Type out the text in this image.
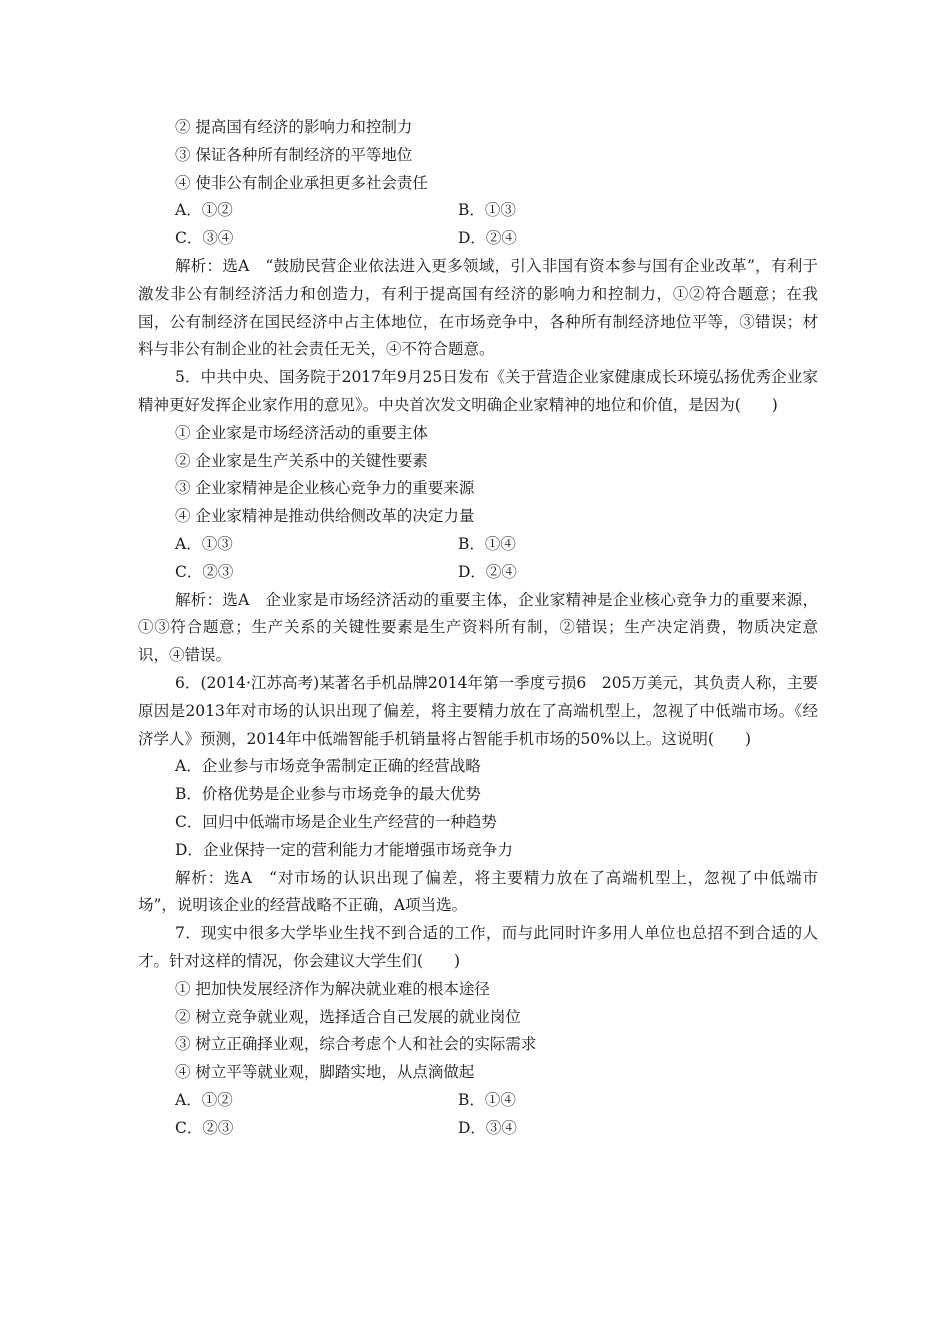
② 提高国有经济的影响力和控制力
③ 保证各种所有制经济的平等地位
④ 使非公有制企业承担更多社会责任
A．①②	B．①③
C．③④	D．②④
解析：选A　“鼓励民营企业依法进入更多领域，引入非国有资本参与国有企业改革”，有利于激发非公有制经济活力和创造力，有利于提高国有经济的影响力和控制力，①②符合题意；在我国，公有制经济在国民经济中占主体地位，在市场竞争中，各种所有制经济地位平等，③错误；材料与非公有制企业的社会责任无关，④不符合题意。
5．中共中央、国务院于2017年9月25日发布《关于营造企业家健康成长环境弘扬优秀企业家精神更好发挥企业家作用的意见》。中央首次发文明确企业家精神的地位和价值，是因为(　　)
① 企业家是市场经济活动的重要主体
② 企业家是生产关系中的关键性要素
③ 企业家精神是企业核心竞争力的重要来源
④ 企业家精神是推动供给侧改革的决定力量
A．①③	B．①④
C．②③	D．②④
解析：选A　企业家是市场经济活动的重要主体，企业家精神是企业核心竞争力的重要来源，①③符合题意；生产关系的关键性要素是生产资料所有制，②错误；生产决定消费，物质决定意识，④错误。
6．(2014·江苏高考)某著名手机品牌2014年第一季度亏损6　205万美元，其负责人称，主要原因是2013年对市场的认识出现了偏差，将主要精力放在了高端机型上，忽视了中低端市场。《经济学人》预测，2014年中低端智能手机销量将占智能手机市场的50%以上。这说明(　　)
A．企业参与市场竞争需制定正确的经营战略
B．价格优势是企业参与市场竞争的最大优势
C．回归中低端市场是企业生产经营的一种趋势
D．企业保持一定的营利能力才能增强市场竞争力
解析：选A　“对市场的认识出现了偏差，将主要精力放在了高端机型上，忽视了中低端市场”，说明该企业的经营战略不正确，A项当选。
7．现实中很多大学毕业生找不到合适的工作，而与此同时许多用人单位也总招不到合适的人才。针对这样的情况，你会建议大学生们(　　)
① 把加快发展经济作为解决就业难的根本途径
② 树立竞争就业观，选择适合自己发展的就业岗位
③ 树立正确择业观，综合考虑个人和社会的实际需求
④ 树立平等就业观，脚踏实地，从点滴做起
A．①②	B．①④
C．②③	D．③④
